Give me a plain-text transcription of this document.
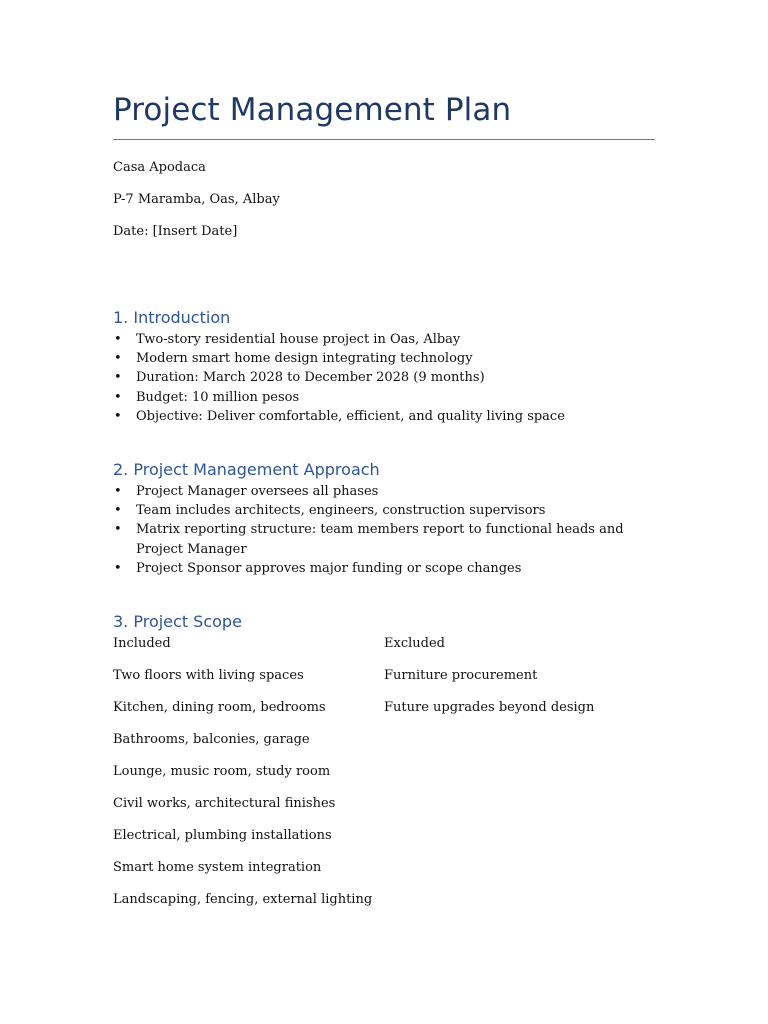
Project Management Plan

Casa Apodaca

P-7 Maramba, Oas, Albay

Date: [Insert Date]

1. Introduction
• Two-story residential house project in Oas, Albay
• Modern smart home design integrating technology
• Duration: March 2028 to December 2028 (9 months)
• Budget: 10 million pesos
• Objective: Deliver comfortable, efficient, and quality living space
2. Project Management Approach
• Project Manager oversees all phases
• Team includes architects, engineers, construction supervisors
• Matrix reporting structure: team members report to functional heads and Project Manager
• Project Sponsor approves major funding or scope changes
3. Project Scope
Included	Excluded
Two floors with living spaces	Furniture procurement
Kitchen, dining room, bedrooms	Future upgrades beyond design
Bathrooms, balconies, garage
Lounge, music room, study room
Civil works, architectural finishes
Electrical, plumbing installations
Smart home system integration
Landscaping, fencing, external lighting
